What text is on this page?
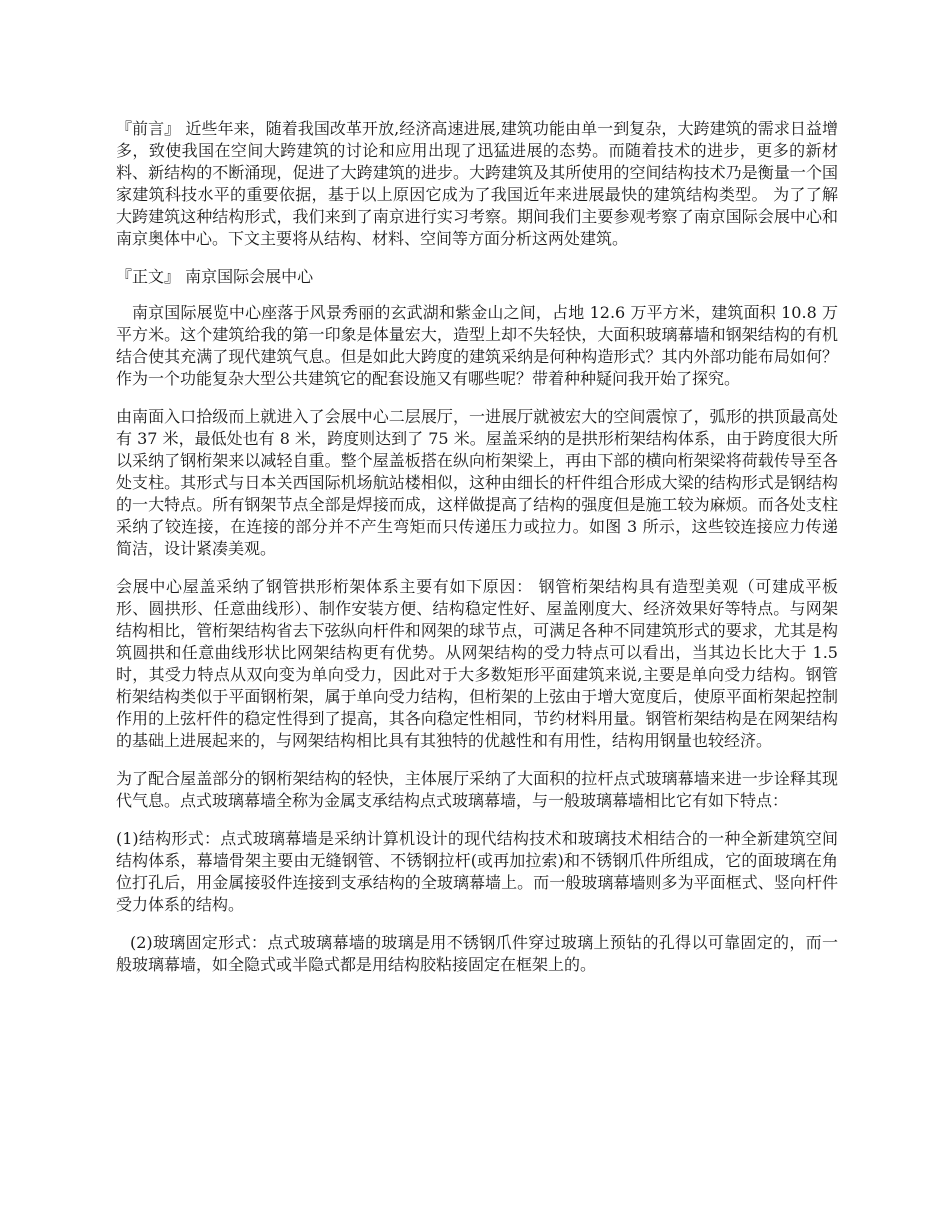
『前言』 近些年来，随着我国改革开放,经济高速进展,建筑功能由单一到复杂，大跨建筑的需求日益增多，致使我国在空间大跨建筑的讨论和应用出现了迅猛进展的态势。而随着技术的进步，更多的新材料、新结构的不断涌现，促进了大跨建筑的进步。大跨建筑及其所使用的空间结构技术乃是衡量一个国家建筑科技水平的重要依据，基于以上原因它成为了我国近年来进展最快的建筑结构类型。 为了了解大跨建筑这种结构形式，我们来到了南京进行实习考察。期间我们主要参观考察了南京国际会展中心和南京奥体中心。下文主要将从结构、材料、空间等方面分析这两处建筑。

『正文』 南京国际会展中心

南京国际展览中心座落于风景秀丽的玄武湖和紫金山之间，占地 12.6 万平方米，建筑面积 10.8 万平方米。这个建筑给我的第一印象是体量宏大，造型上却不失轻快，大面积玻璃幕墙和钢架结构的有机结合使其充满了现代建筑气息。但是如此大跨度的建筑采纳是何种构造形式？其内外部功能布局如何？ 作为一个功能复杂大型公共建筑它的配套设施又有哪些呢？带着种种疑问我开始了探究。

由南面入口拾级而上就进入了会展中心二层展厅，一进展厅就被宏大的空间震惊了，弧形的拱顶最高处有 37 米，最低处也有 8 米，跨度则达到了 75 米。屋盖采纳的是拱形桁架结构体系，由于跨度很大所以采纳了钢桁架来以减轻自重。整个屋盖板搭在纵向桁架梁上，再由下部的横向桁架梁将荷载传导至各处支柱。其形式与日本关西国际机场航站楼相似，这种由细长的杆件组合形成大梁的结构形式是钢结构的一大特点。所有钢架节点全部是焊接而成，这样做提高了结构的强度但是施工较为麻烦。而各处支柱采纳了铰连接，在连接的部分并不产生弯矩而只传递压力或拉力。如图 3 所示，这些铰连接应力传递简洁，设计紧凑美观。

会展中心屋盖采纳了钢管拱形桁架体系主要有如下原因： 钢管桁架结构具有造型美观（可建成平板形、圆拱形、任意曲线形）、制作安装方便、结构稳定性好、屋盖刚度大、经济效果好等特点。与网架结构相比，管桁架结构省去下弦纵向杆件和网架的球节点，可满足各种不同建筑形式的要求，尤其是构筑圆拱和任意曲线形状比网架结构更有优势。从网架结构的受力特点可以看出，当其边长比大于 1.5 时，其受力特点从双向变为单向受力，因此对于大多数矩形平面建筑来说,主要是单向受力结构。钢管桁架结构类似于平面钢桁架，属于单向受力结构，但桁架的上弦由于增大宽度后，使原平面桁架起控制作用的上弦杆件的稳定性得到了提高，其各向稳定性相同，节约材料用量。钢管桁架结构是在网架结构的基础上进展起来的，与网架结构相比具有其独特的优越性和有用性，结构用钢量也较经济。

为了配合屋盖部分的钢桁架结构的轻快，主体展厅采纳了大面积的拉杆点式玻璃幕墙来进一步诠释其现代气息。点式玻璃幕墙全称为金属支承结构点式玻璃幕墙，与一般玻璃幕墙相比它有如下特点：

(1)结构形式：点式玻璃幕墙是采纳计算机设计的现代结构技术和玻璃技术相结合的一种全新建筑空间结构体系，幕墙骨架主要由无缝钢管、不锈钢拉杆(或再加拉索)和不锈钢爪件所组成，它的面玻璃在角位打孔后，用金属接驳件连接到支承结构的全玻璃幕墙上。而一般玻璃幕墙则多为平面框式、竖向杆件受力体系的结构。

(2)玻璃固定形式：点式玻璃幕墙的玻璃是用不锈钢爪件穿过玻璃上预钻的孔得以可靠固定的，而一般玻璃幕墙，如全隐式或半隐式都是用结构胶粘接固定在框架上的。
